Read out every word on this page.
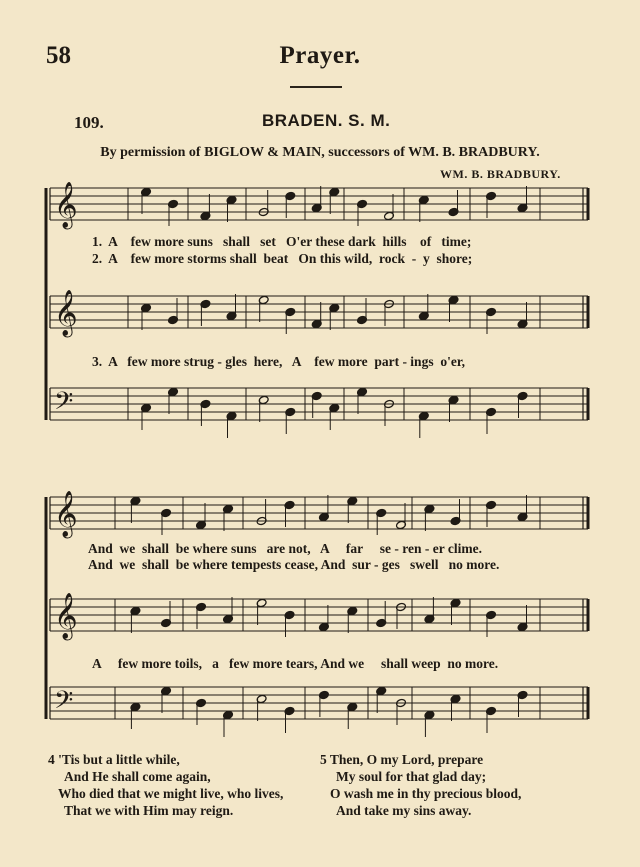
58	Prayer.
109.	BRADEN. S. M.
By permission of BIGLOW & MAIN, successors of WM. B. BRADBURY.
WM. B. BRADBURY.
𝄞
𝄞
𝄢
𝄞
𝄞
𝄢
1.  A    few more suns   shall   set   O'er these dark  hills    of   time;
2.  A    few more storms shall  beat   On this wild,  rock  -  y  shore;
3.  A   few more strug - gles  here,   A    few more  part - ings  o'er,
And  we  shall  be where suns   are not,   A     far     se - ren - er clime.
And  we  shall  be where tempests cease, And  sur - ges   swell   no more.
A     few more toils,   a   few more tears, And we     shall weep  no more.
4 'Tis but a little while,
And He shall come again,
Who died that we might live, who lives,
That we with Him may reign.
5 Then, O my Lord, prepare
My soul for that glad day;
O wash me in thy precious blood,
And take my sins away.
